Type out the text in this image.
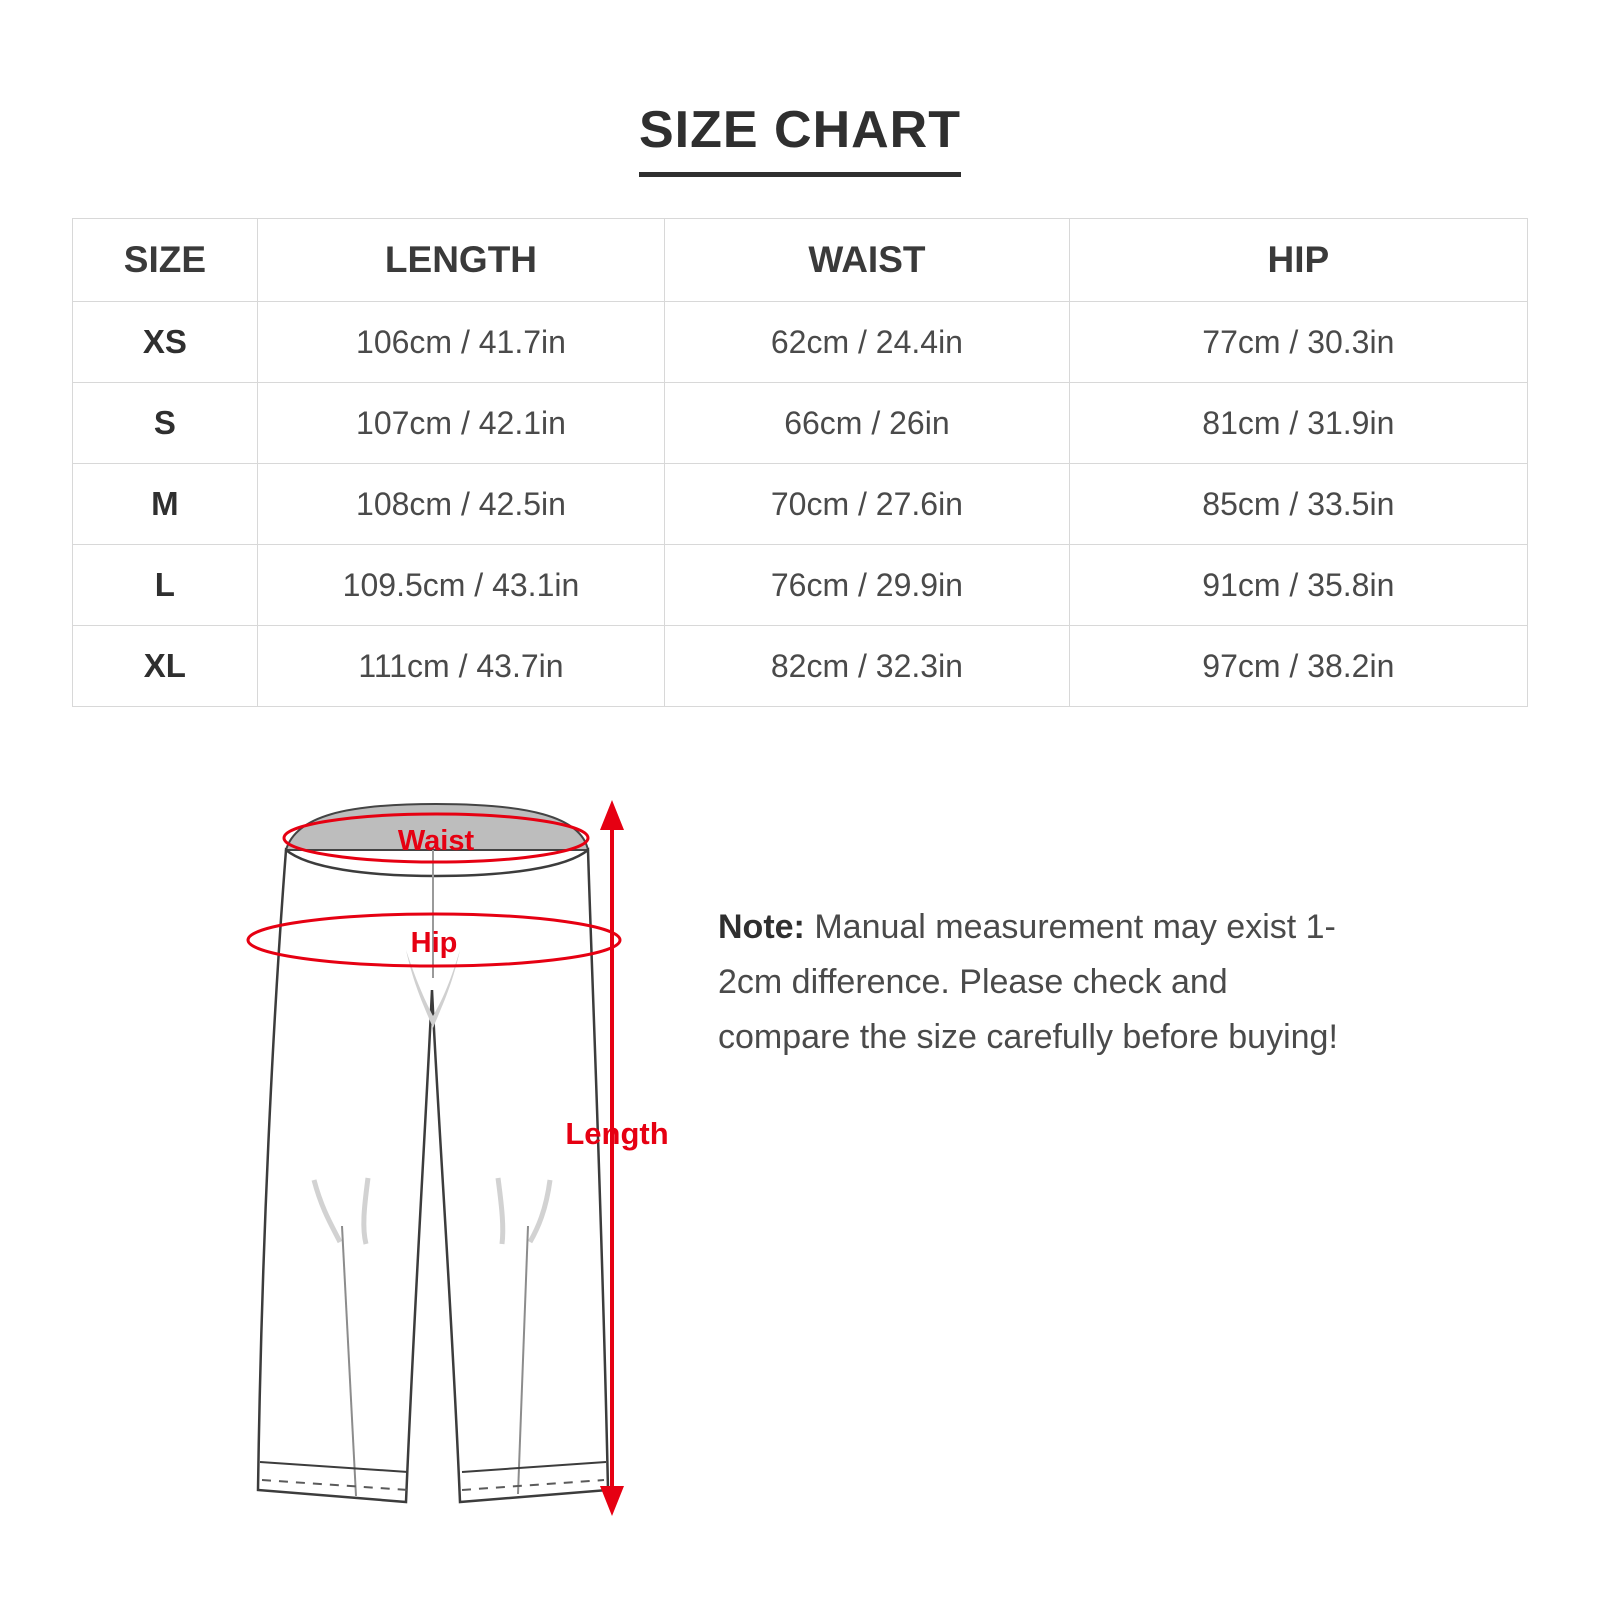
SIZE CHART
SIZE	LENGTH	WAIST	HIP
XS	106cm / 41.7in	62cm / 24.4in	77cm / 30.3in
S	107cm / 42.1in	66cm / 26in	81cm / 31.9in
M	108cm / 42.5in	70cm / 27.6in	85cm / 33.5in
L	109.5cm / 43.1in	76cm / 29.9in	91cm / 35.8in
XL	111cm / 43.7in	82cm / 32.3in	97cm / 38.2in
Waist
Hip
Length
Note: Manual measurement may exist 1-2cm difference. Please check and compare the size carefully before buying!
